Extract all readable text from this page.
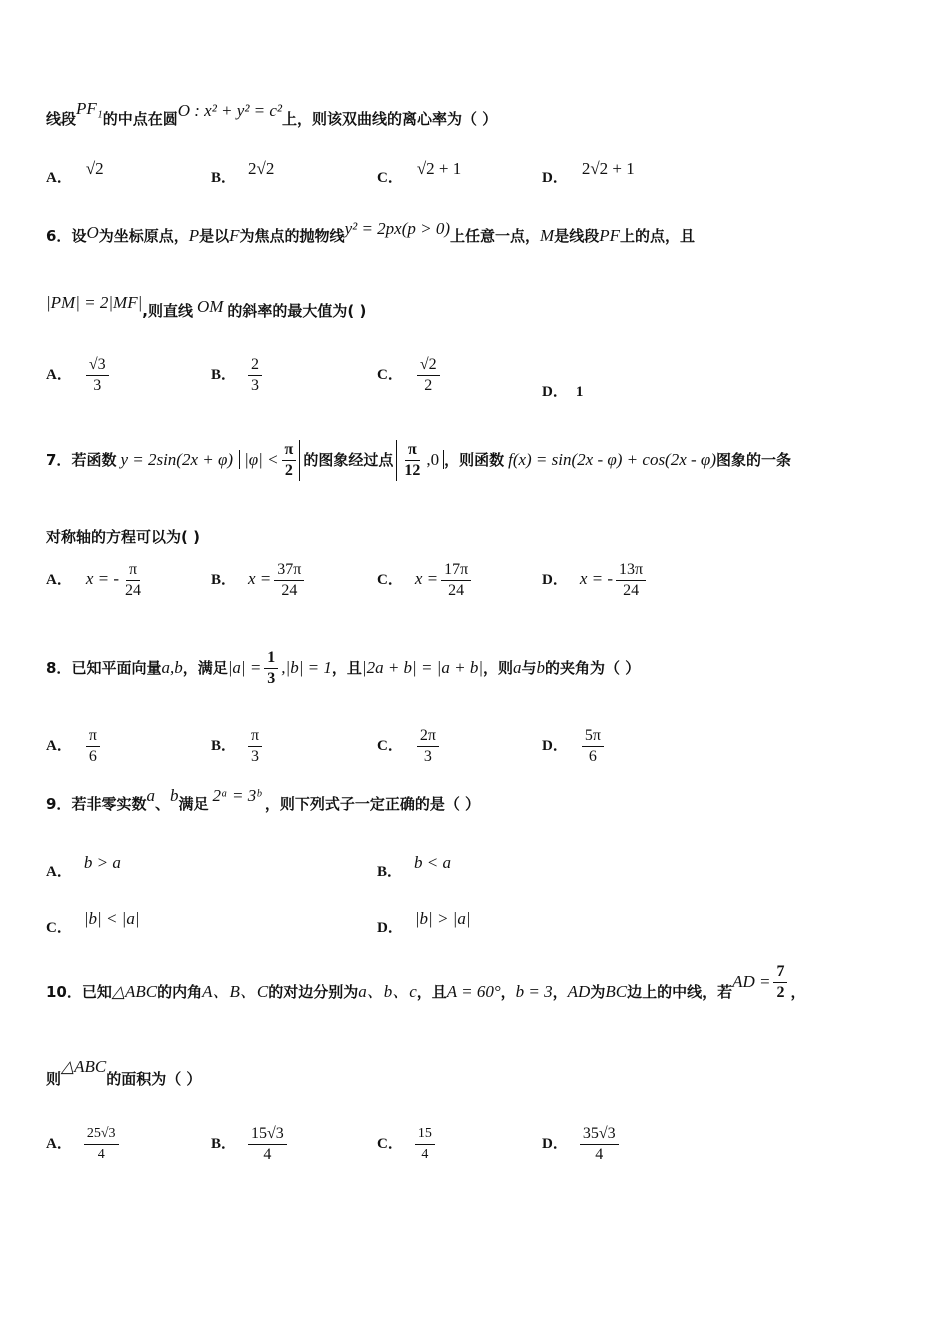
线段PF₁的中点在圆O : x² + y² = c²上，则该双曲线的离心率为（ ）
A． √2	B． 2√2	C． √2 + 1	D． 2√2 + 1
6．设O为坐标原点，P是以F为焦点的抛物线y² = 2px(p > 0)上任意一点，M是线段PF上的点，且
|PM| = 2|MF|,则直线 OM 的斜率的最大值为( )
A． $\frac{√3}{3}$	B． $\frac{2}{3}$	C． $\frac{√2}{2}$	D． 1
7．若函数 y = 2sin(2x + φ) $|\varphi| < \frac{\pi}{2}$ 的图象经过点 $\frac{\pi}{12} ,0$ ，则函数 f(x) = sin(2x - φ) + cos(2x - φ)图象的一条
对称轴的方程可以为( )
A． x = - $\frac{\pi}{24}$	B． $x = \frac{37\pi}{24}$	C． $x = \frac{17\pi}{24}$	D． x = - $\frac{13\pi}{24}$
8．已知平面向量a,b，满足$|a| = \frac{1}{3} ,|b| = 1$，且|2a + b| = |a + b|，则a与b的夹角为（ ）
A． $\frac{\pi}{6}$	B． $\frac{\pi}{3}$	C． $\frac{2\pi}{3}$	D． $\frac{5\pi}{6}$
9．若非零实数a、b满足 2ᵃ = 3ᵇ ，则下列式子一定正确的是（ ）
A． b > a	B． b < a
C． |b| < |a|	D． |b| > |a|
10．已知△ABC的内角A、B、C的对边分别为a、b、c，且A = 60°，b = 3，AD为BC边上的中线，若AD = $\frac{7}{2}$ ，
则△ABC的面积为（ ）
A． $\frac{25√3}{4}$	B． $\frac{15√3}{4}$	C． $\frac{15}{4}$	D． $\frac{35√3}{4}$
